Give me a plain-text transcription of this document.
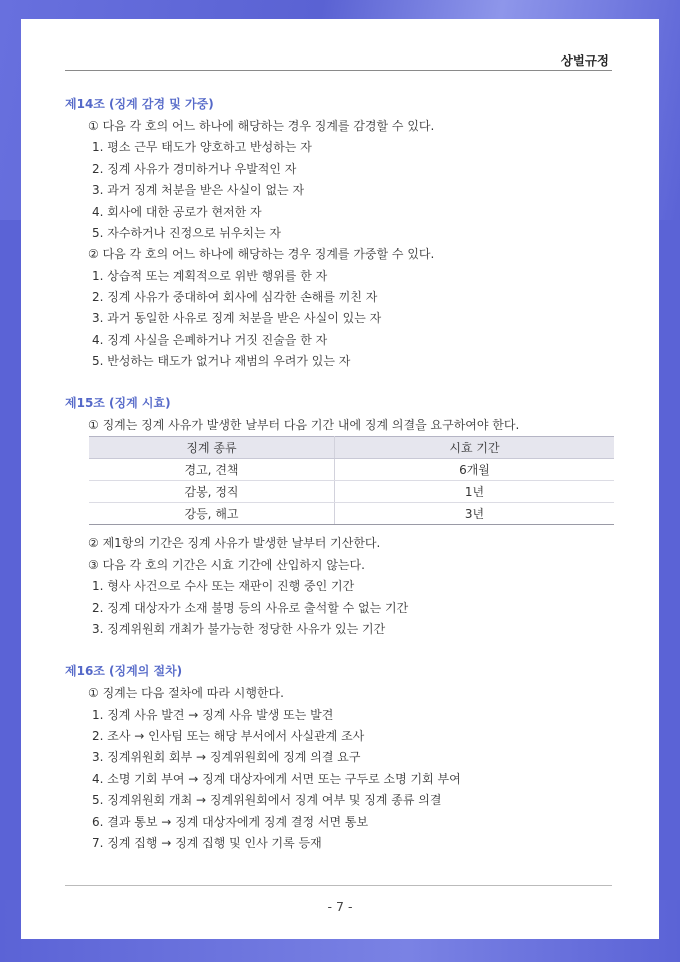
상벌규정
제14조 (징계 감경 및 가중)
① 다음 각 호의 어느 하나에 해당하는 경우 징계를 감경할 수 있다.
1. 평소 근무 태도가 양호하고 반성하는 자
2. 징계 사유가 경미하거나 우발적인 자
3. 과거 징계 처분을 받은 사실이 없는 자
4. 회사에 대한 공로가 현저한 자
5. 자수하거나 진정으로 뉘우치는 자
② 다음 각 호의 어느 하나에 해당하는 경우 징계를 가중할 수 있다.
1. 상습적 또는 계획적으로 위반 행위를 한 자
2. 징계 사유가 중대하여 회사에 심각한 손해를 끼친 자
3. 과거 동일한 사유로 징계 처분을 받은 사실이 있는 자
4. 징계 사실을 은폐하거나 거짓 진술을 한 자
5. 반성하는 태도가 없거나 재범의 우려가 있는 자
제15조 (징계 시효)
① 징계는 징계 사유가 발생한 날부터 다음 기간 내에 징계 의결을 요구하여야 한다.
징계 종류	시효 기간
경고, 견책	6개월
감봉, 정직	1년
강등, 해고	3년
② 제1항의 기간은 징계 사유가 발생한 날부터 기산한다.
③ 다음 각 호의 기간은 시효 기간에 산입하지 않는다.
1. 형사 사건으로 수사 또는 재판이 진행 중인 기간
2. 징계 대상자가 소재 불명 등의 사유로 출석할 수 없는 기간
3. 징계위원회 개최가 불가능한 정당한 사유가 있는 기간
제16조 (징계의 절차)
① 징계는 다음 절차에 따라 시행한다.
1. 징계 사유 발견 → 징계 사유 발생 또는 발견
2. 조사 → 인사팀 또는 해당 부서에서 사실관계 조사
3. 징계위원회 회부 → 징계위원회에 징계 의결 요구
4. 소명 기회 부여 → 징계 대상자에게 서면 또는 구두로 소명 기회 부여
5. 징계위원회 개최 → 징계위원회에서 징계 여부 및 징계 종류 의결
6. 결과 통보 → 징계 대상자에게 징계 결정 서면 통보
7. 징계 집행 → 징계 집행 및 인사 기록 등재
- 7 -
